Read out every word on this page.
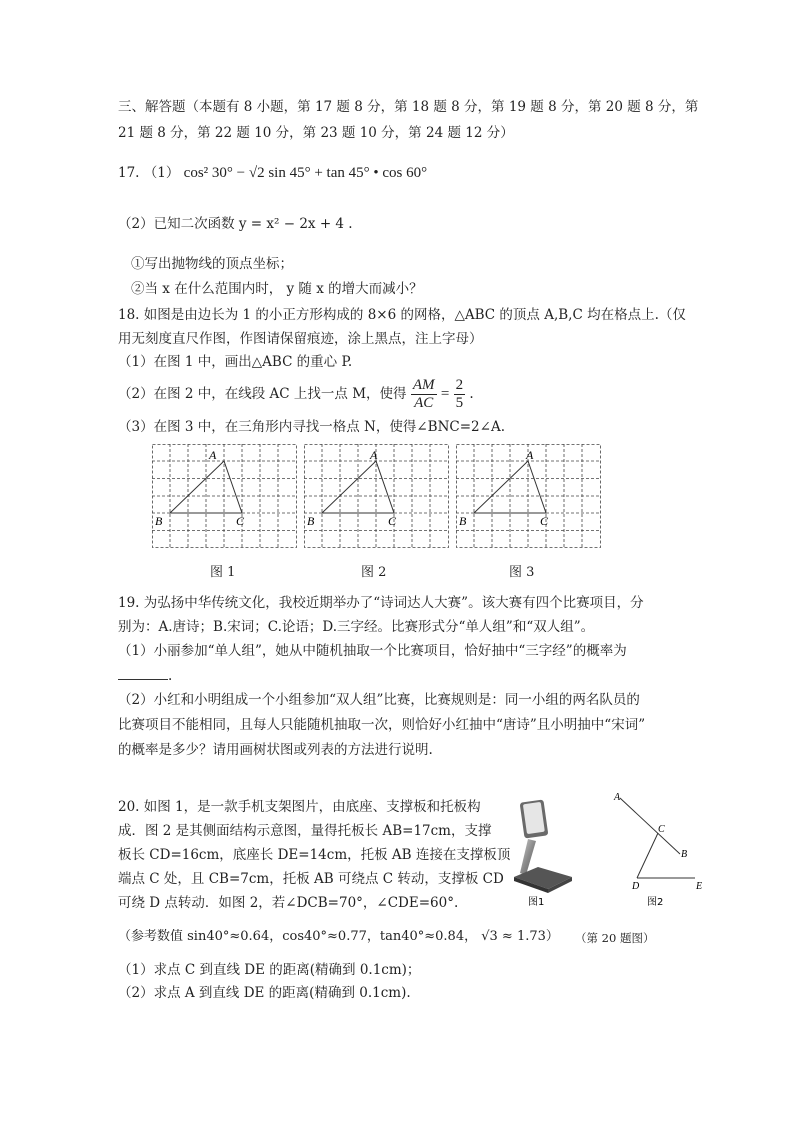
三、解答题（本题有 8 小题，第 17 题 8 分，第 18 题 8 分，第 19 题 8 分，第 20 题 8 分，第
21 题 8 分，第 22 题 10 分，第 23 题 10 分，第 24 题 12 分）
17. （1） cos² 30° − √2 sin 45° + tan 45° • cos 60°
（2）已知二次函数 y = x² − 2x + 4 .
①写出抛物线的顶点坐标；
②当 x 在什么范围内时， y 随 x 的增大而减小？
18. 如图是由边长为 1 的小正方形构成的 8×6 的网格，△ABC 的顶点 A,B,C 均在格点上.（仅
用无刻度直尺作图，作图请保留痕迹，涂上黑点，注上字母）
（1）在图 1 中，画出△ABC 的重心 P.
（2）在图 2 中，在线段 AC 上找一点 M，使得 $\frac{AM}{AC} = \frac{2}{5}$ .
（3）在图 3 中，在三角形内寻找一格点 N，使得∠BNC=2∠A.
A
B	C
A
B	C
A
B	C
图 1	图 2	图 3
19. 为弘扬中华传统文化，我校近期举办了“诗词达人大赛”。该大赛有四个比赛项目，分
别为：A.唐诗；B.宋词；C.论语；D.三字经。比赛形式分“单人组”和“双人组”。
（1）小丽参加“单人组”，她从中随机抽取一个比赛项目，恰好抽中“三字经”的概率为
.
（2）小红和小明组成一个小组参加“双人组”比赛，比赛规则是：同一小组的两名队员的
比赛项目不能相同，且每人只能随机抽取一次，则恰好小红抽中“唐诗”且小明抽中“宋词”
的概率是多少？请用画树状图或列表的方法进行说明.
20. 如图 1，是一款手机支架图片，由底座、支撑板和托板构
成．图 2 是其侧面结构示意图，量得托板长 AB=17cm，支撑
板长 CD=16cm，底座长 DE=14cm，托板 AB 连接在支撑板顶
端点 C 处，且 CB=7cm，托板 AB 可绕点 C 转动，支撑板 CD
可绕 D 点转动．如图 2，若∠DCB=70°，∠CDE=60°.
（参考数值 sin40°≈0.64，cos40°≈0.77，tan40°≈0.84， √3 ≈ 1.73） （第 20 题图）
（1）求点 C 到直线 DE 的距离(精确到 0.1cm)；
（2）求点 A 到直线 DE 的距离(精确到 0.1cm).
图1
A
C
B
D	E
图2
